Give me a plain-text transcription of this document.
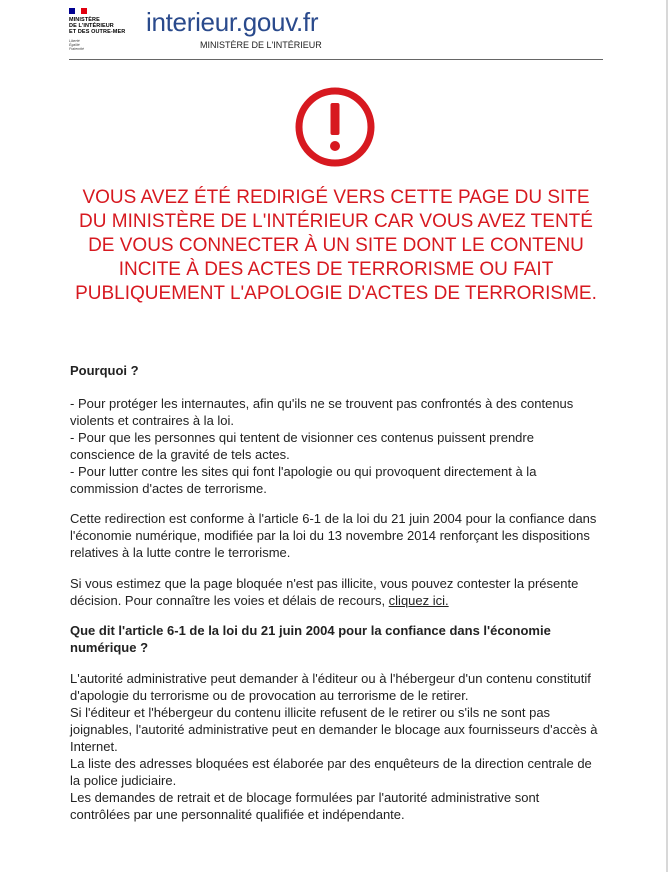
MINISTÈRE
DE L'INTÉRIEUR
ET DES OUTRE-MER
Liberté
Égalité
Fraternité
interieur.gouv.fr
MINISTÈRE DE L'INTÉRIEUR
VOUS AVEZ ÉTÉ REDIRIGÉ VERS CETTE PAGE DU SITE DU MINISTÈRE DE L'INTÉRIEUR CAR VOUS AVEZ TENTÉ DE VOUS CONNECTER À UN SITE DONT LE CONTENU INCITE À DES ACTES DE TERRORISME OU FAIT PUBLIQUEMENT L'APOLOGIE D'ACTES DE TERRORISME.
Pourquoi ?

- Pour protéger les internautes, afin qu'ils ne se trouvent pas confrontés à des contenus violents et contraires à la loi.

- Pour que les personnes qui tentent de visionner ces contenus puissent prendre conscience de la gravité de tels actes.

- Pour lutter contre les sites qui font l'apologie ou qui provoquent directement à la commission d'actes de terrorisme.

Cette redirection est conforme à l'article 6-1 de la loi du 21 juin 2004 pour la confiance dans l'économie numérique, modifiée par la loi du 13 novembre 2014 renforçant les dispositions relatives à la lutte contre le terrorisme.

Si vous estimez que la page bloquée n'est pas illicite, vous pouvez contester la présente décision. Pour connaître les voies et délais de recours, cliquez ici.

Que dit l'article 6-1 de la loi du 21 juin 2004 pour la confiance dans l'économie numérique ?

L'autorité administrative peut demander à l'éditeur ou à l'hébergeur d'un contenu constitutif d'apologie du terrorisme ou de provocation au terrorisme de le retirer.

Si l'éditeur et l'hébergeur du contenu illicite refusent de le retirer ou s'ils ne sont pas joignables, l'autorité administrative peut en demander le blocage aux fournisseurs d'accès à Internet.

La liste des adresses bloquées est élaborée par des enquêteurs de la direction centrale de la police judiciaire.

Les demandes de retrait et de blocage formulées par l'autorité administrative sont contrôlées par une personnalité qualifiée et indépendante.
